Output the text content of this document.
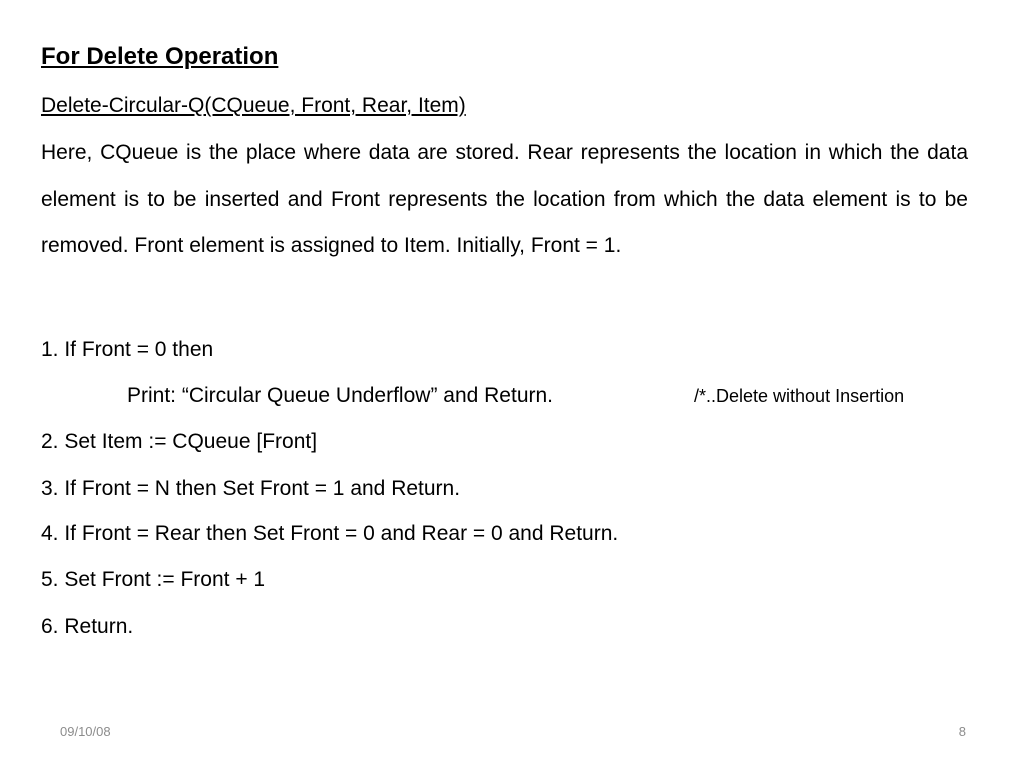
For Delete Operation
Delete-Circular-Q(CQueue, Front, Rear, Item)
Here, CQueue is the place where data are stored. Rear represents the location in which the data element is to be inserted and Front represents the location from which the data element is to be removed. Front element is assigned to Item. Initially, Front = 1.
1. If Front = 0 then
Print: “Circular Queue Underflow” and Return.	/*..Delete without Insertion
2. Set Item := CQueue [Front]
3. If Front = N then Set Front = 1 and Return.
4. If Front = Rear then Set Front = 0 and Rear = 0 and Return.
5. Set Front := Front + 1
6. Return.
09/10/08	8
